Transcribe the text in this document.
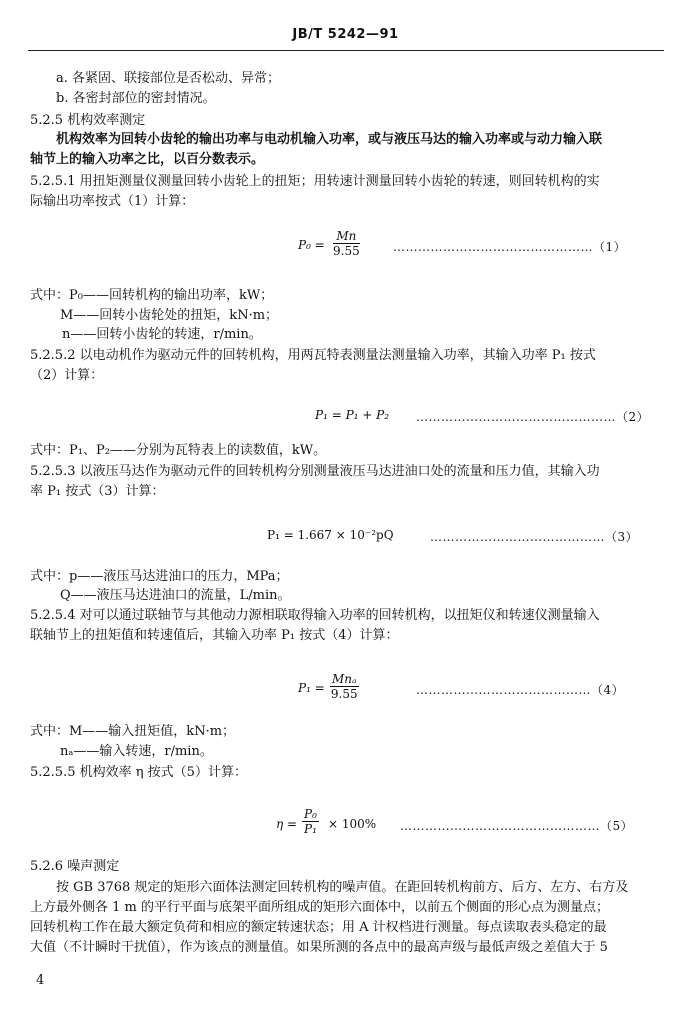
JB/T 5242—91
a. 各紧固、联接部位是否松动、异常；
b. 各密封部位的密封情况。
5.2.5 机构效率测定
机构效率为回转小齿轮的输出功率与电动机输入功率，或与液压马达的输入功率或与动力输入联
轴节上的输入功率之比，以百分数表示。
5.2.5.1 用扭矩测量仪测量回转小齿轮上的扭矩；用转速计测量回转小齿轮的转速，则回转机构的实
际输出功率按式（1）计算：
$P_0 = \frac{Mn}{9.55}$	…………………………………………（1）
式中：P₀——回转机构的输出功率，kW；
M——回转小齿轮处的扭矩，kN·m；
n——回转小齿轮的转速，r/min。
5.2.5.2 以电动机作为驱动元件的回转机构，用两瓦特表测量法测量输入功率，其输入功率 P₁ 按式
（2）计算：
P₁ = P₁ + P₂ …………………………………………（2）
式中：P₁、P₂——分别为瓦特表上的读数值，kW。
5.2.5.3 以液压马达作为驱动元件的回转机构分别测量液压马达进油口处的流量和压力值，其输入功
率 P₁ 按式（3）计算：
P₁ = 1.667 × 10⁻²pQ	……………………………………（3）
式中：p——液压马达进油口的压力，MPa；
Q——液压马达进油口的流量，L/min。
5.2.5.4 对可以通过联轴节与其他动力源相联取得输入功率的回转机构，以扭矩仪和转速仪测量输入
联轴节上的扭矩值和转速值后，其输入功率 P₁ 按式（4）计算：
P₁ =
Mnₐ
9.55	……………………………………（4）
式中：M——输入扭矩值，kN·m；
nₐ——输入转速，r/min。
5.2.5.5 机构效率 η 按式（5）计算：
$\eta = \frac{\text{P₀}}{\text{P₁}} \times 100\%$ …………………………………………（5）
5.2.6 噪声测定
按 GB 3768 规定的矩形六面体法测定回转机构的噪声值。在距回转机构前方、后方、左方、右方及
上方最外侧各 1 m 的平行平面与底架平面所组成的矩形六面体中，以前五个侧面的形心点为测量点；
回转机构工作在最大额定负荷和相应的额定转速状态；用 A 计权档进行测量。每点读取表头稳定的最
大值（不计瞬时干扰值），作为该点的测量值。如果所测的各点中的最高声级与最低声级之差值大于 5
4
